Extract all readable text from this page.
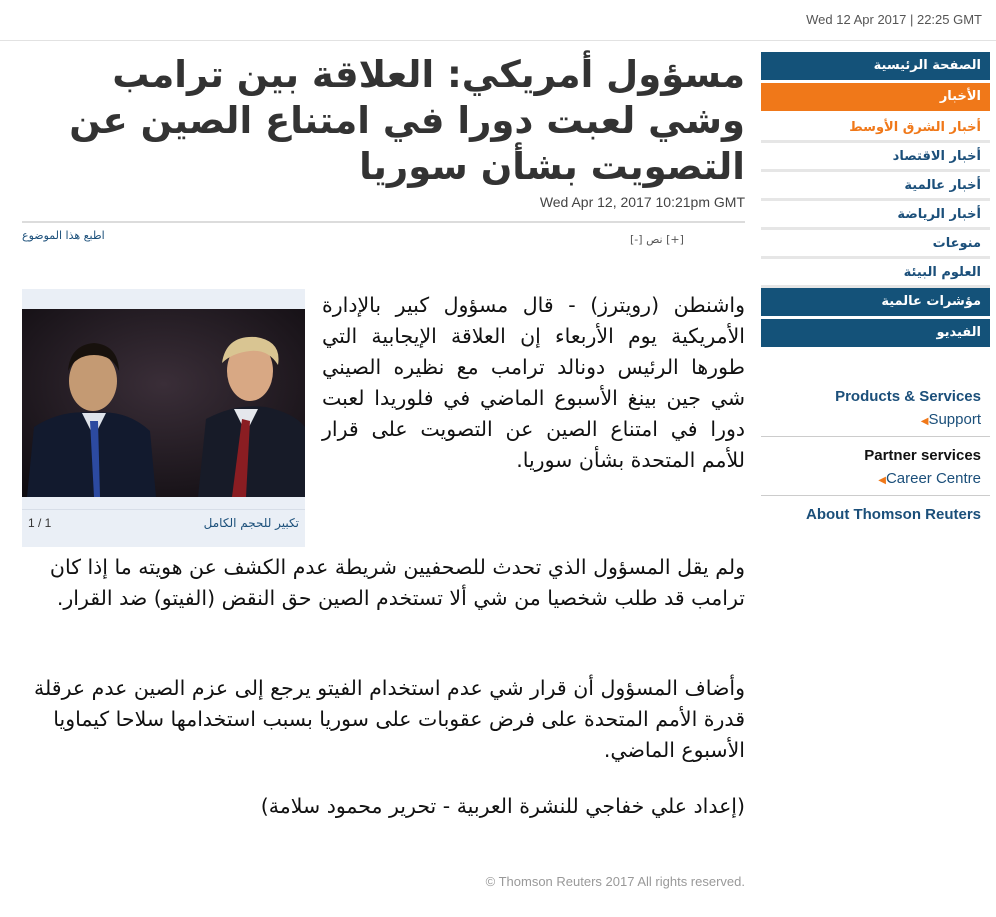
Wed 12 Apr 2017 | 22:25 GMT
مسؤول أمريكي: العلاقة بين ترامب وشي لعبت دورا في امتناع الصين عن التصويت بشأن سوريا
Wed Apr 12, 2017 10:21pm GMT
اطبع هذا الموضوع	[+] نص [-]
تكبير للحجم الكامل
1 / 1

واشنطن (رويترز) - قال مسؤول كبير بالإدارة الأمريكية يوم الأربعاء إن العلاقة الإيجابية التي طورها الرئيس دونالد ترامب مع نظيره الصيني شي جين بينغ الأسبوع الماضي في فلوريدا لعبت دورا في امتناع الصين عن التصويت على قرار للأمم المتحدة بشأن سوريا.

ولم يقل المسؤول الذي تحدث للصحفيين شريطة عدم الكشف عن هويته ما إذا كان ترامب قد طلب شخصيا من شي ألا تستخدم الصين حق النقض (الفيتو) ضد القرار.

وأضاف المسؤول أن قرار شي عدم استخدام الفيتو يرجع إلى عزم الصين عدم عرقلة قدرة الأمم المتحدة على فرض عقوبات على سوريا بسبب استخدامها سلاحا كيماويا الأسبوع الماضي.

(إعداد علي خفاجي للنشرة العربية - تحرير محمود سلامة)

© Thomson Reuters 2017 All rights reserved.
الصفحة الرئيسية
الأخبار
أخبار الشرق الأوسط
أخبار الاقتصاد
أخبار عالمية
أخبار الرياضة
منوعات
العلوم البيئة
مؤشرات عالمية
الفيديو
Products & Services
◀Support
Partner services
◀Career Centre
About Thomson Reuters
